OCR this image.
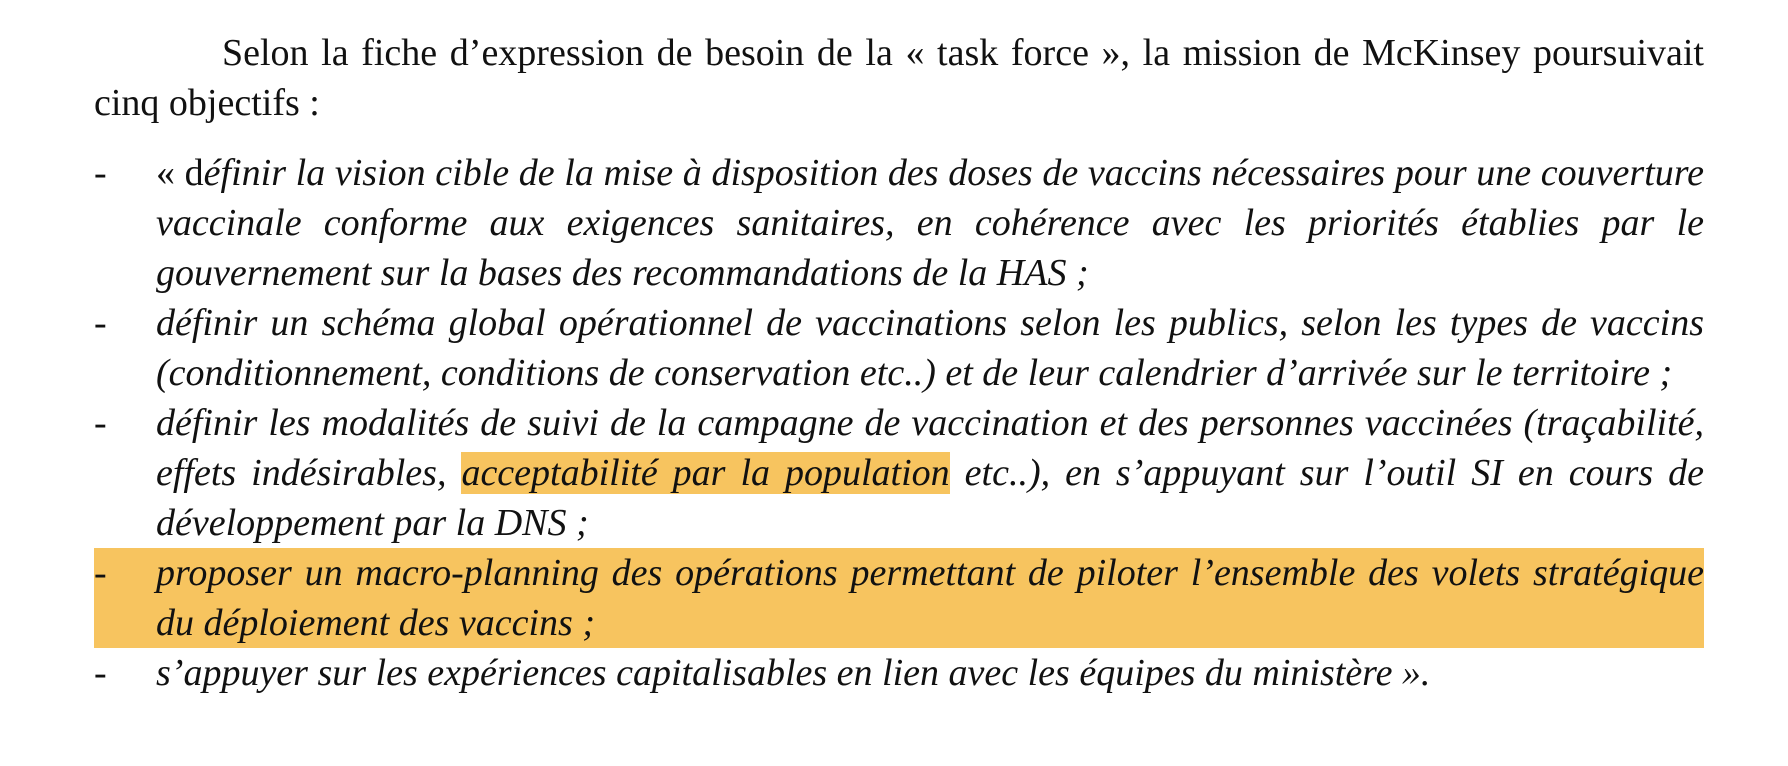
Selon la fiche d’expression de besoin de la « task force », la mission de McKinsey poursuivait cinq objectifs :

-	« définir la vision cible de la mise à disposition des doses de vaccins nécessaires pour une couverture vaccinale conforme aux exigences sanitaires, en cohérence avec les priorités établies par le gouvernement sur la bases des recommandations de la HAS ;
-	définir un schéma global opérationnel de vaccinations selon les publics, selon les types de vaccins (conditionnement, conditions de conservation etc..) et de leur calendrier d’arrivée sur le territoire ;
-	définir les modalités de suivi de la campagne de vaccination et des personnes vaccinées (traçabilité, effets indésirables, acceptabilité par la population etc..), en s’appuyant sur l’outil SI en cours de développement par la DNS ;
-	proposer un macro-planning des opérations permettant de piloter l’ensemble des volets stratégique du déploiement des vaccins ;
-	s’appuyer sur les expériences capitalisables en lien avec les équipes du ministère ».
